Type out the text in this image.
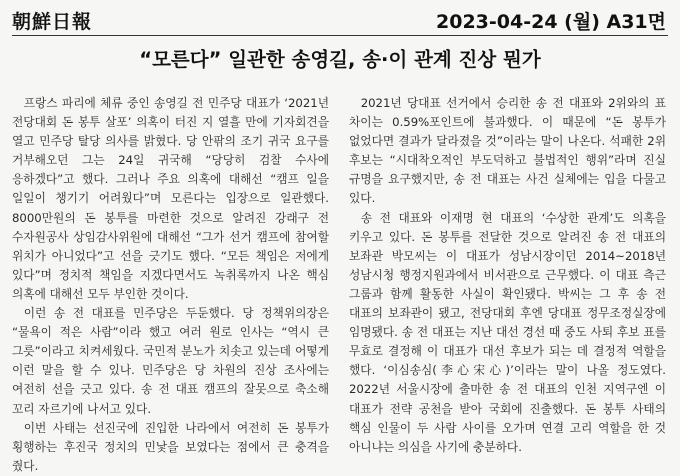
朝鮮日報	2023-04-24 (월) A31면
“모른다” 일관한 송영길, 송·이 관계 진상 뭔가

프랑스 파리에 체류 중인 송영길 전 민주당 대표가 ‘2021년 전당대회 돈 봉투 살포’ 의혹이 터진 지 열흘 만에 기자회견을 열고 민주당 탈당 의사를 밝혔다. 당 안팎의 조기 귀국 요구를 거부해오던 그는 24일 귀국해 “당당히 검찰 수사에 응하겠다”고 했다. 그러나 주요 의혹에 대해선 “캠프 일을 일일이 챙기기 어려웠다”며 모른다는 입장으로 일관했다. 8000만원의 돈 봉투를 마련한 것으로 알려진 강래구 전 수자원공사 상임감사위원에 대해선 “그가 선거 캠프에 참여할 위치가 아니었다”고 선을 긋기도 했다. “모든 책임은 저에게 있다”며 정치적 책임을 지겠다면서도 녹취록까지 나온 핵심 의혹에 대해선 모두 부인한 것이다.

이런 송 전 대표를 민주당은 두둔했다. 당 정책위의장은 “물욕이 적은 사람”이라 했고 여러 원로 인사는 “역시 큰 그릇”이라고 치켜세웠다. 국민적 분노가 치솟고 있는데 어떻게 이런 말을 할 수 있나. 민주당은 당 차원의 진상 조사에는 여전히 선을 긋고 있다. 송 전 대표 캠프의 잘못으로 축소해 꼬리 자르기에 나서고 있다.

이번 사태는 선진국에 진입한 나라에서 여전히 돈 봉투가 횡행하는 후진국 정치의 민낯을 보였다는 점에서 큰 충격을 줬다.

2021년 당대표 선거에서 승리한 송 전 대표와 2위와의 표 차이는 0.59%포인트에 불과했다. 이 때문에 “돈 봉투가 없었다면 결과가 달라졌을 것”이라는 말이 나온다. 석패한 2위 후보는 “시대착오적인 부도덕하고 불법적인 행위”라며 진실 규명을 요구했지만, 송 전 대표는 사건 실체에는 입을 다물고 있다.

송 전 대표와 이재명 현 대표의 ‘수상한 관계’도 의혹을 키우고 있다. 돈 봉투를 전달한 것으로 알려진 송 전 대표의 보좌관 박모씨는 이 대표가 성남시장이던 2014~2018년 성남시청 행정지원과에서 비서관으로 근무했다. 이 대표 측근 그룹과 함께 활동한 사실이 확인됐다. 박씨는 그 후 송 전 대표의 보좌관이 됐고, 전당대회 후엔 당대표 정무조정실장에 임명됐다. 송 전 대표는 지난 대선 경선 때 중도 사퇴 후보 표를 무효로 결정해 이 대표가 대선 후보가 되는 데 결정적 역할을 했다. ‘이심송심(李心宋心)’이라는 말이 나올 정도였다. 2022년 서울시장에 출마한 송 전 대표의 인천 지역구엔 이 대표가 전략 공천을 받아 국회에 진출했다. 돈 봉투 사태의 핵심 인물이 두 사람 사이를 오가며 연결 고리 역할을 한 것 아니냐는 의심을 사기에 충분하다.
